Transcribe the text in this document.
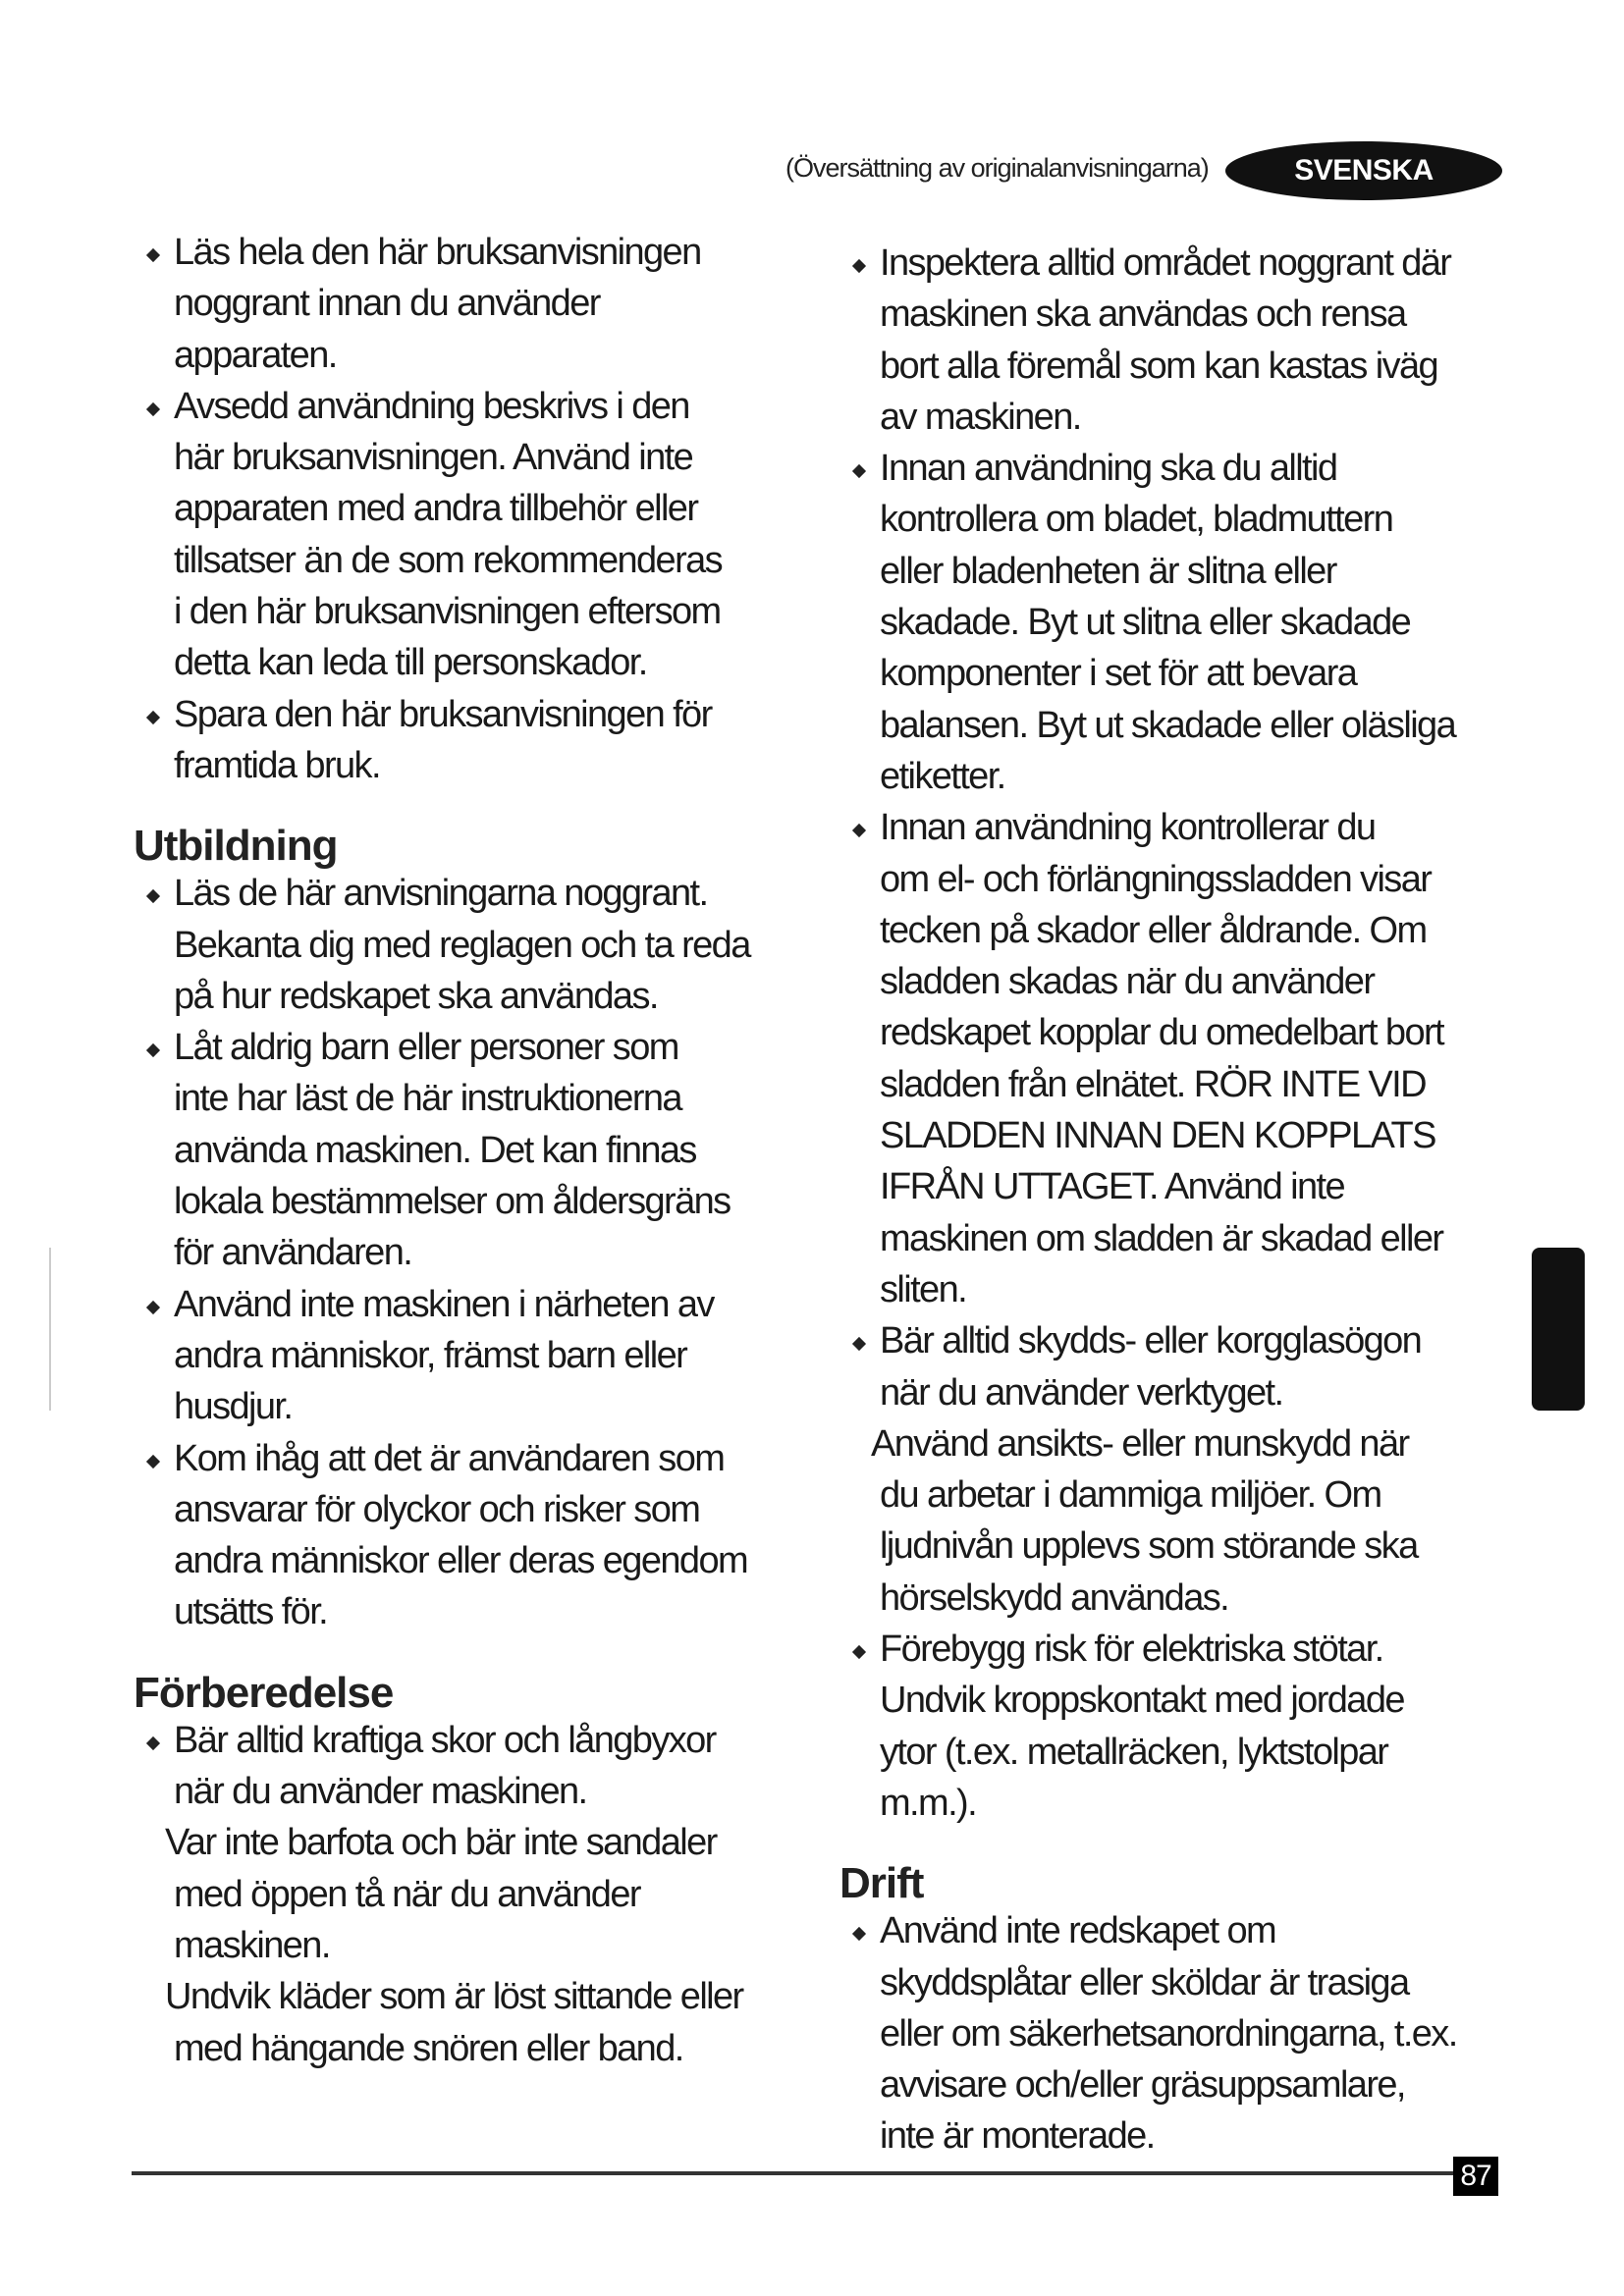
(Översättning av originalanvisningarna)	SVENSKA
Läs hela den här bruksanvisningen
noggrant innan du använder
apparaten.
Avsedd användning beskrivs i den
här bruksanvisningen. Använd inte
apparaten med andra tillbehör eller
tillsatser än de som rekommenderas
i den här bruksanvisningen eftersom
detta kan leda till personskador.
Spara den här bruksanvisningen för
framtida bruk.
Utbildning
Läs de här anvisningarna noggrant.
Bekanta dig med reglagen och ta reda
på hur redskapet ska användas.
Låt aldrig barn eller personer som
inte har läst de här instruktionerna
använda maskinen. Det kan finnas
lokala bestämmelser om åldersgräns
för användaren.
Använd inte maskinen i närheten av
andra människor, främst barn eller
husdjur.
Kom ihåg att det är användaren som
ansvarar för olyckor och risker som
andra människor eller deras egendom
utsätts för.
Förberedelse
Bär alltid kraftiga skor och långbyxor
när du använder maskinen.
Var inte barfota och bär inte sandaler
med öppen tå när du använder
maskinen.
Undvik kläder som är löst sittande eller
med hängande snören eller band.
Inspektera alltid området noggrant där
maskinen ska användas och rensa
bort alla föremål som kan kastas iväg
av maskinen.
Innan användning ska du alltid
kontrollera om bladet, bladmuttern
eller bladenheten är slitna eller
skadade. Byt ut slitna eller skadade
komponenter i set för att bevara
balansen. Byt ut skadade eller oläsliga
etiketter.
Innan användning kontrollerar du
om el- och förlängningssladden visar
tecken på skador eller åldrande. Om
sladden skadas när du använder
redskapet kopplar du omedelbart bort
sladden från elnätet. RÖR INTE VID
SLADDEN INNAN DEN KOPPLATS
IFRÅN UTTAGET. Använd inte
maskinen om sladden är skadad eller
sliten.
Bär alltid skydds- eller korgglasögon
när du använder verktyget.
Använd ansikts- eller munskydd när
du arbetar i dammiga miljöer. Om
ljudnivån upplevs som störande ska
hörselskydd användas.
Förebygg risk för elektriska stötar.
Undvik kroppskontakt med jordade
ytor (t.ex. metallräcken, lyktstolpar
m.m.).
Drift
Använd inte redskapet om
skyddsplåtar eller sköldar är trasiga
eller om säkerhetsanordningarna, t.ex.
avvisare och/eller gräsuppsamlare,
inte är monterade.
87
